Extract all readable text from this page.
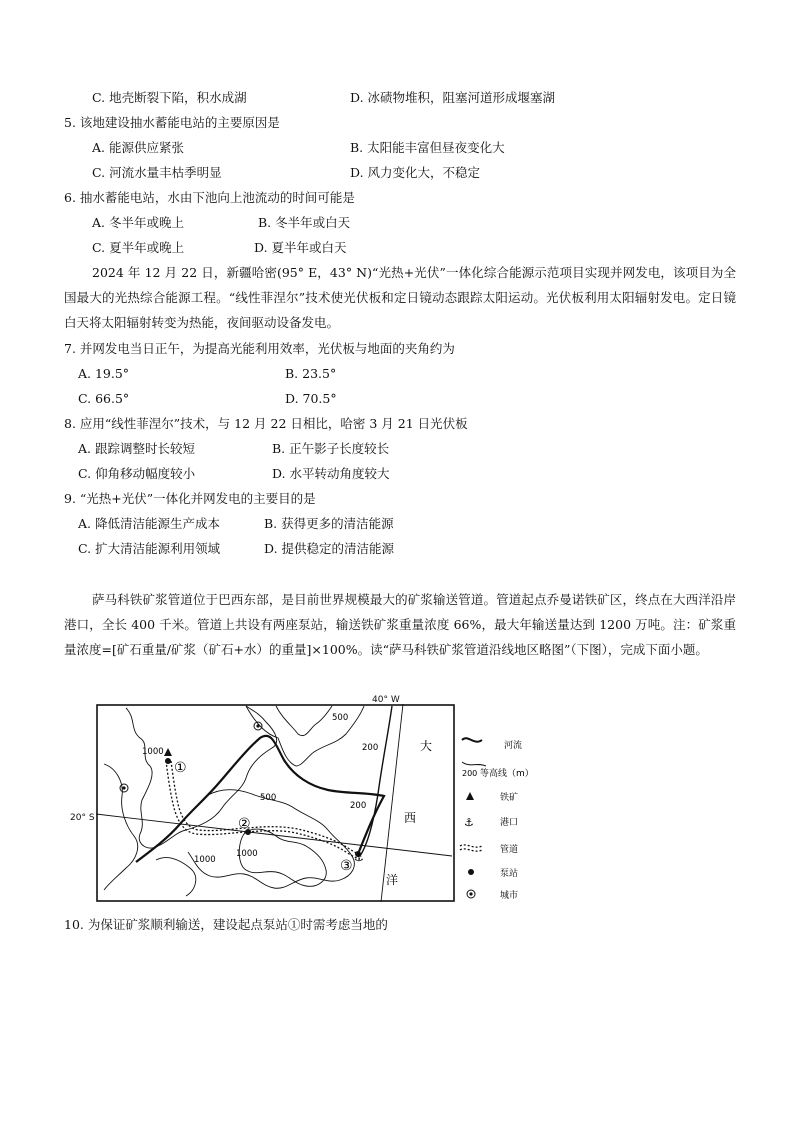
C. 地壳断裂下陷，积水成湖	D. 冰碛物堆积，阻塞河道形成堰塞湖
5. 该地建设抽水蓄能电站的主要原因是
A. 能源供应紧张	B. 太阳能丰富但昼夜变化大
C. 河流水量丰枯季明显	D. 风力变化大，不稳定
6. 抽水蓄能电站，水由下池向上池流动的时间可能是
A. 冬半年或晚上	B. 冬半年或白天
C. 夏半年或晚上	D. 夏半年或白天
2024 年 12 月 22 日，新疆哈密(95° E，43° N)“光热+光伏”一体化综合能源示范项目实现并网发电，该项目为全国最大的光热综合能源工程。“线性菲涅尔”技术使光伏板和定日镜动态跟踪太阳运动。光伏板利用太阳辐射发电。定日镜白天将太阳辐射转变为热能，夜间驱动设备发电。
7. 并网发电当日正午，为提高光能利用效率，光伏板与地面的夹角约为
A. 19.5°	B. 23.5°
C. 66.5°	D. 70.5°
8. 应用“线性菲涅尔”技术，与 12 月 22 日相比，哈密 3 月 21 日光伏板
A. 跟踪调整时长较短	B. 正午影子长度较长
C. 仰角移动幅度较小	D. 水平转动角度较大
9. “光热+光伏”一体化并网发电的主要目的是
A. 降低清洁能源生产成本	B. 获得更多的清洁能源
C. 扩大清洁能源利用领域	D. 提供稳定的清洁能源
萨马科铁矿浆管道位于巴西东部，是目前世界规模最大的矿浆输送管道。管道起点乔曼诺铁矿区，终点在大西洋沿岸港口，全长 400 千米。管道上共设有两座泵站，输送铁矿浆重量浓度 66%，最大年输送量达到 1200 万吨。注：矿浆重量浓度=[矿石重量/矿浆（矿石+水）的重量]×100%。读“萨马科铁矿浆管道沿线地区略图”（下图），完成下面小题。
⚓
500
200
1000
500
200
1000
1000
①
②
③
大
西
洋
河流
200 等高线（m）
铁矿
⚓	港口
管道
泵站
城市
40° W
20° S
10. 为保证矿浆顺利输送，建设起点泵站①时需考虑当地的
